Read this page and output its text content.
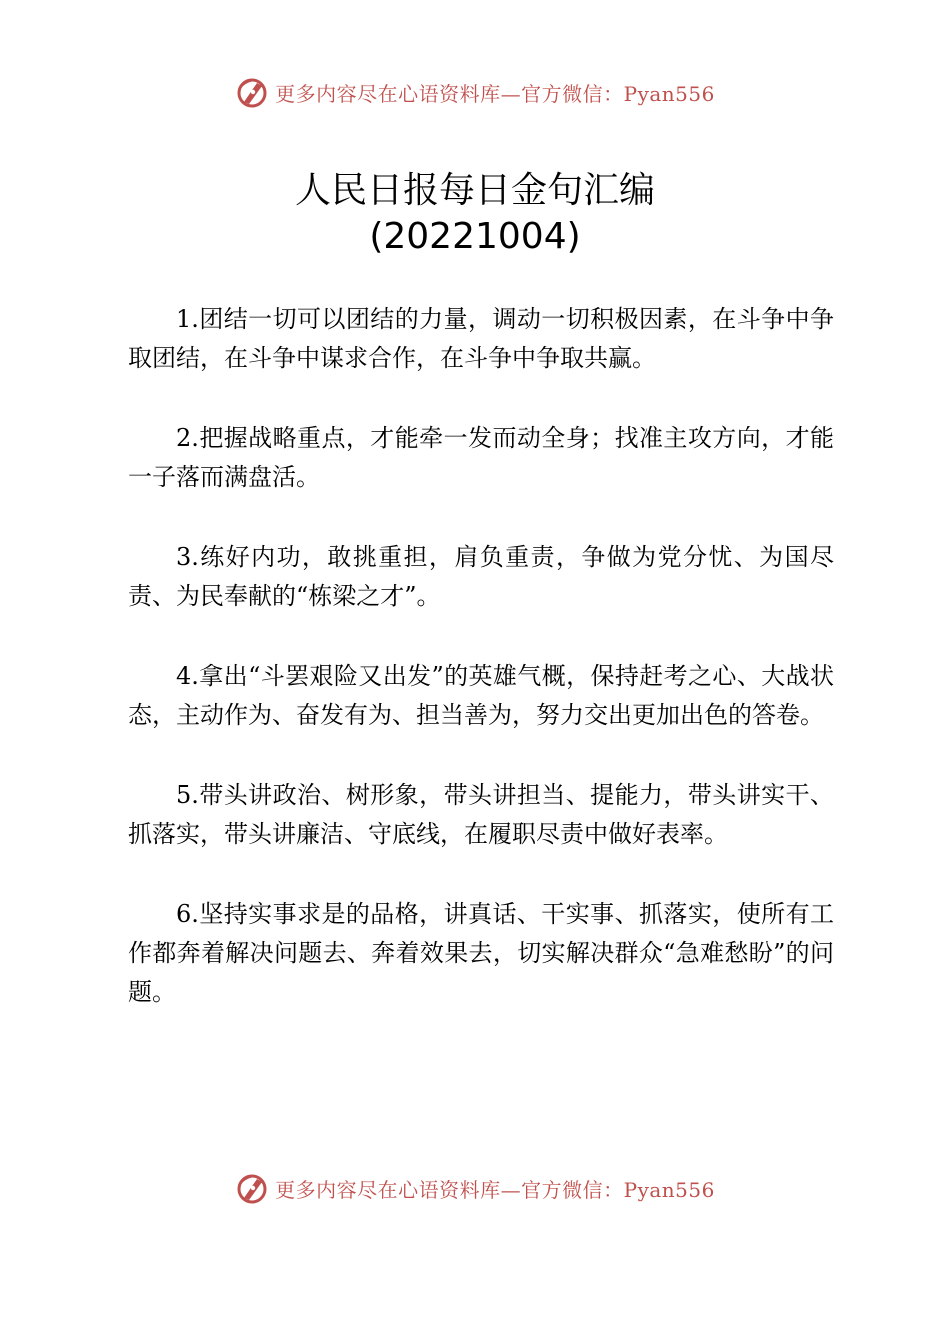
更多内容尽在心语资料库—官方微信：Pyan556
人民日报每日金句汇编
(20221004)

1.团结一切可以团结的力量，调动一切积极因素，在斗争中争取团结，在斗争中谋求合作，在斗争中争取共赢。

2.把握战略重点，才能牵一发而动全身；找准主攻方向，才能一子落而满盘活。

3.练好内功，敢挑重担，肩负重责，争做为党分忧、为国尽责、为民奉献的“栋梁之才”。

4.拿出“斗罢艰险又出发”的英雄气概，保持赶考之心、大战状态，主动作为、奋发有为、担当善为，努力交出更加出色的答卷。

5.带头讲政治、树形象，带头讲担当、提能力，带头讲实干、抓落实，带头讲廉洁、守底线，在履职尽责中做好表率。

6.坚持实事求是的品格，讲真话、干实事、抓落实，使所有工作都奔着解决问题去、奔着效果去，切实解决群众“急难愁盼”的问题。

更多内容尽在心语资料库—官方微信：Pyan556
